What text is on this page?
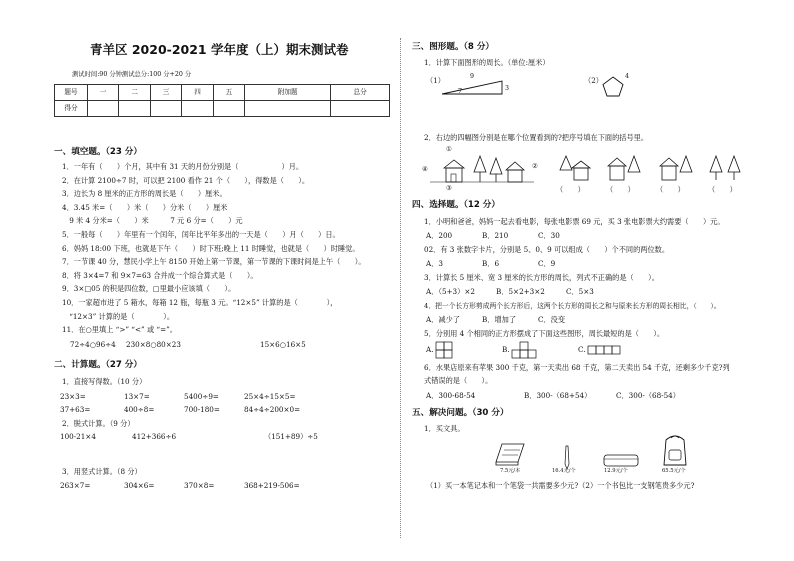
青羊区 2020-2021 学年度（上）期末测试卷
测试时间:90 分钟测试总分:100 分+20 分
题号	一	二	三	四	五	附加题	总分
得分							
一、填空题。（23 分）
1．一年有（　　）个月，其中有 31 天的月份分别是（　　　　　　）月。
2．在计算 2100÷7 时，可以把 2100 看作 21 个（　　），得数是（　　）。
3．边长为 8 厘米的正方形的周长是（　　）厘米。
4．3.45 米=（　　）米（　　）分米（　　）厘米
　9 米 4 分米=（　　）米　　　7 元 6 分=（　　）元
5．一般每（　　）年里有一个闰年，闰年比平年多出的一天是（　　）月（　　）日。
6．妈妈 18:00 下班，也就是下午（　　）时下班;晚上 11 时睡觉，也就是（　　）时睡觉。
7．一节课 40 分，慧民小学上午 8150 开始上第一节课，第一节课的下课时间是上午（　　）。
8．将 3×4=7 和 9×7=63 合并成一个综合算式是（　　）。
9．3×□05 的积是四位数，□里最小应该填（　　）。
10．一家超市进了 5 箱水，每箱 12 瓶，每瓶 3 元。“12×5” 计算的是（　　　　），
　“12×3” 计算的是（　　　　）。
11．在○里填上 “>” “<” 或 “=”。
72÷4○96÷4 230×8○80×23	15×6○16×5
二、计算题。（27 分）
1．直接写得数。（10 分）
23×3=	13×7=	5400÷9=	25×4÷15×5=
37+63=	400÷8=	700-180=	84÷4÷200×0=
2．脱式计算。（9 分）
100-21×4	412+366÷6	（151+89）÷5
3．用竖式计算。（8 分）
263×7=	304×6=	370×8=	368+219-506=
三、图形题。（8 分）
1．计算下面图形的周长。（单位:厘米）
（1）	9
3
7
（2）	4
2．右边的四幅图分别是在哪个位置看到的?把序号填在下面的括号里。
①
②
③
④
（　　）	（　　）	（　　）	（　　）
四、选择题。（12 分）
1．小明和爸爸，妈妈一起去看电影，每张电影票 69 元，买 3 张电影票大约需要（　　）元。
A．200	B．210	C．30
02．有 3 张数字卡片，分别是 5、0、9 可以组成（　　）个不同的两位数。
A．3	B．6	C．9
3．计算长 5 厘米、宽 3 厘米的长方形的周长，列式不正确的是（　　）。
A．（5+3）×2	B．5×2+3×2	C．5×3
4．把一个长方形剪成两个长方形后，这两个长方形的周长之和与原来长方形的周长相比，（　　）。
A．减少了	B．增加了	C．没变
5．分别用 4 个相同的正方形摆成了下面这些图形，周长最短的是（　　）。
A.	B.	C.
6．水果店原来有苹果 300 千克，第一天卖出 68 千克，第二天卖出 54 千克，还剩多少千克?列
式错误的是（　　）。
A．300-68-54	B．300-（68+54）	C．300-（68-54）
五、解决问题。（30 分）
1．买文具。
7.5元/本	16.4元/个	12.9元/个	65.5元/个
（1）买一本笔记本和一个笔袋一共需要多少元?（2）一个书包比一支钢笔贵多少元?
